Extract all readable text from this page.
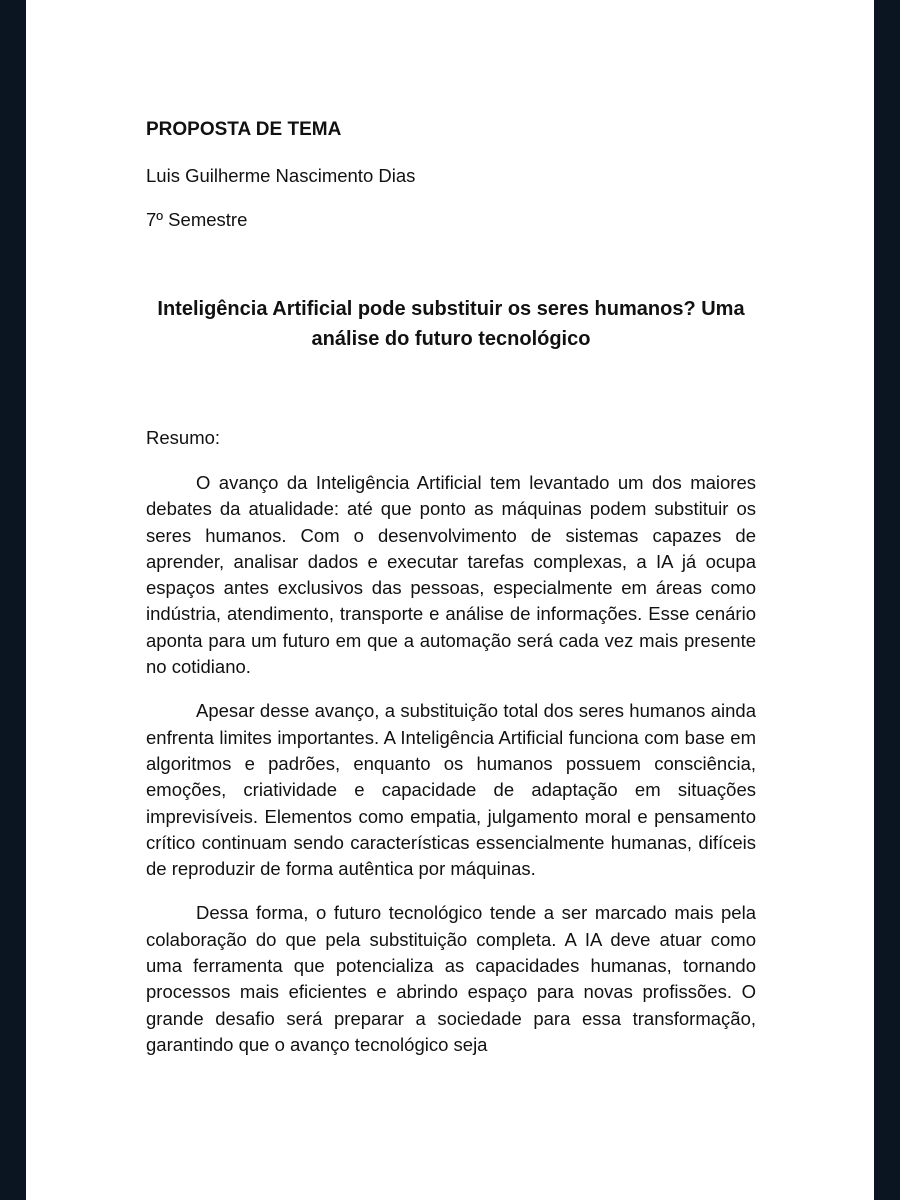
PROPOSTA DE TEMA

Luis Guilherme Nascimento Dias

7º Semestre

Inteligência Artificial pode substituir os seres humanos? Uma análise do futuro tecnológico

Resumo:

O avanço da Inteligência Artificial tem levantado um dos maiores debates da atualidade: até que ponto as máquinas podem substituir os seres humanos. Com o desenvolvimento de sistemas capazes de aprender, analisar dados e executar tarefas complexas, a IA já ocupa espaços antes exclusivos das pessoas, especialmente em áreas como indústria, atendimento, transporte e análise de informações. Esse cenário aponta para um futuro em que a automação será cada vez mais presente no cotidiano.

Apesar desse avanço, a substituição total dos seres humanos ainda enfrenta limites importantes. A Inteligência Artificial funciona com base em algoritmos e padrões, enquanto os humanos possuem consciência, emoções, criatividade e capacidade de adaptação em situações imprevisíveis. Elementos como empatia, julgamento moral e pensamento crítico continuam sendo características essencialmente humanas, difíceis de reproduzir de forma autêntica por máquinas.

Dessa forma, o futuro tecnológico tende a ser marcado mais pela colaboração do que pela substituição completa. A IA deve atuar como uma ferramenta que potencializa as capacidades humanas, tornando processos mais eficientes e abrindo espaço para novas profissões. O grande desafio será preparar a sociedade para essa transformação, garantindo que o avanço tecnológico seja
